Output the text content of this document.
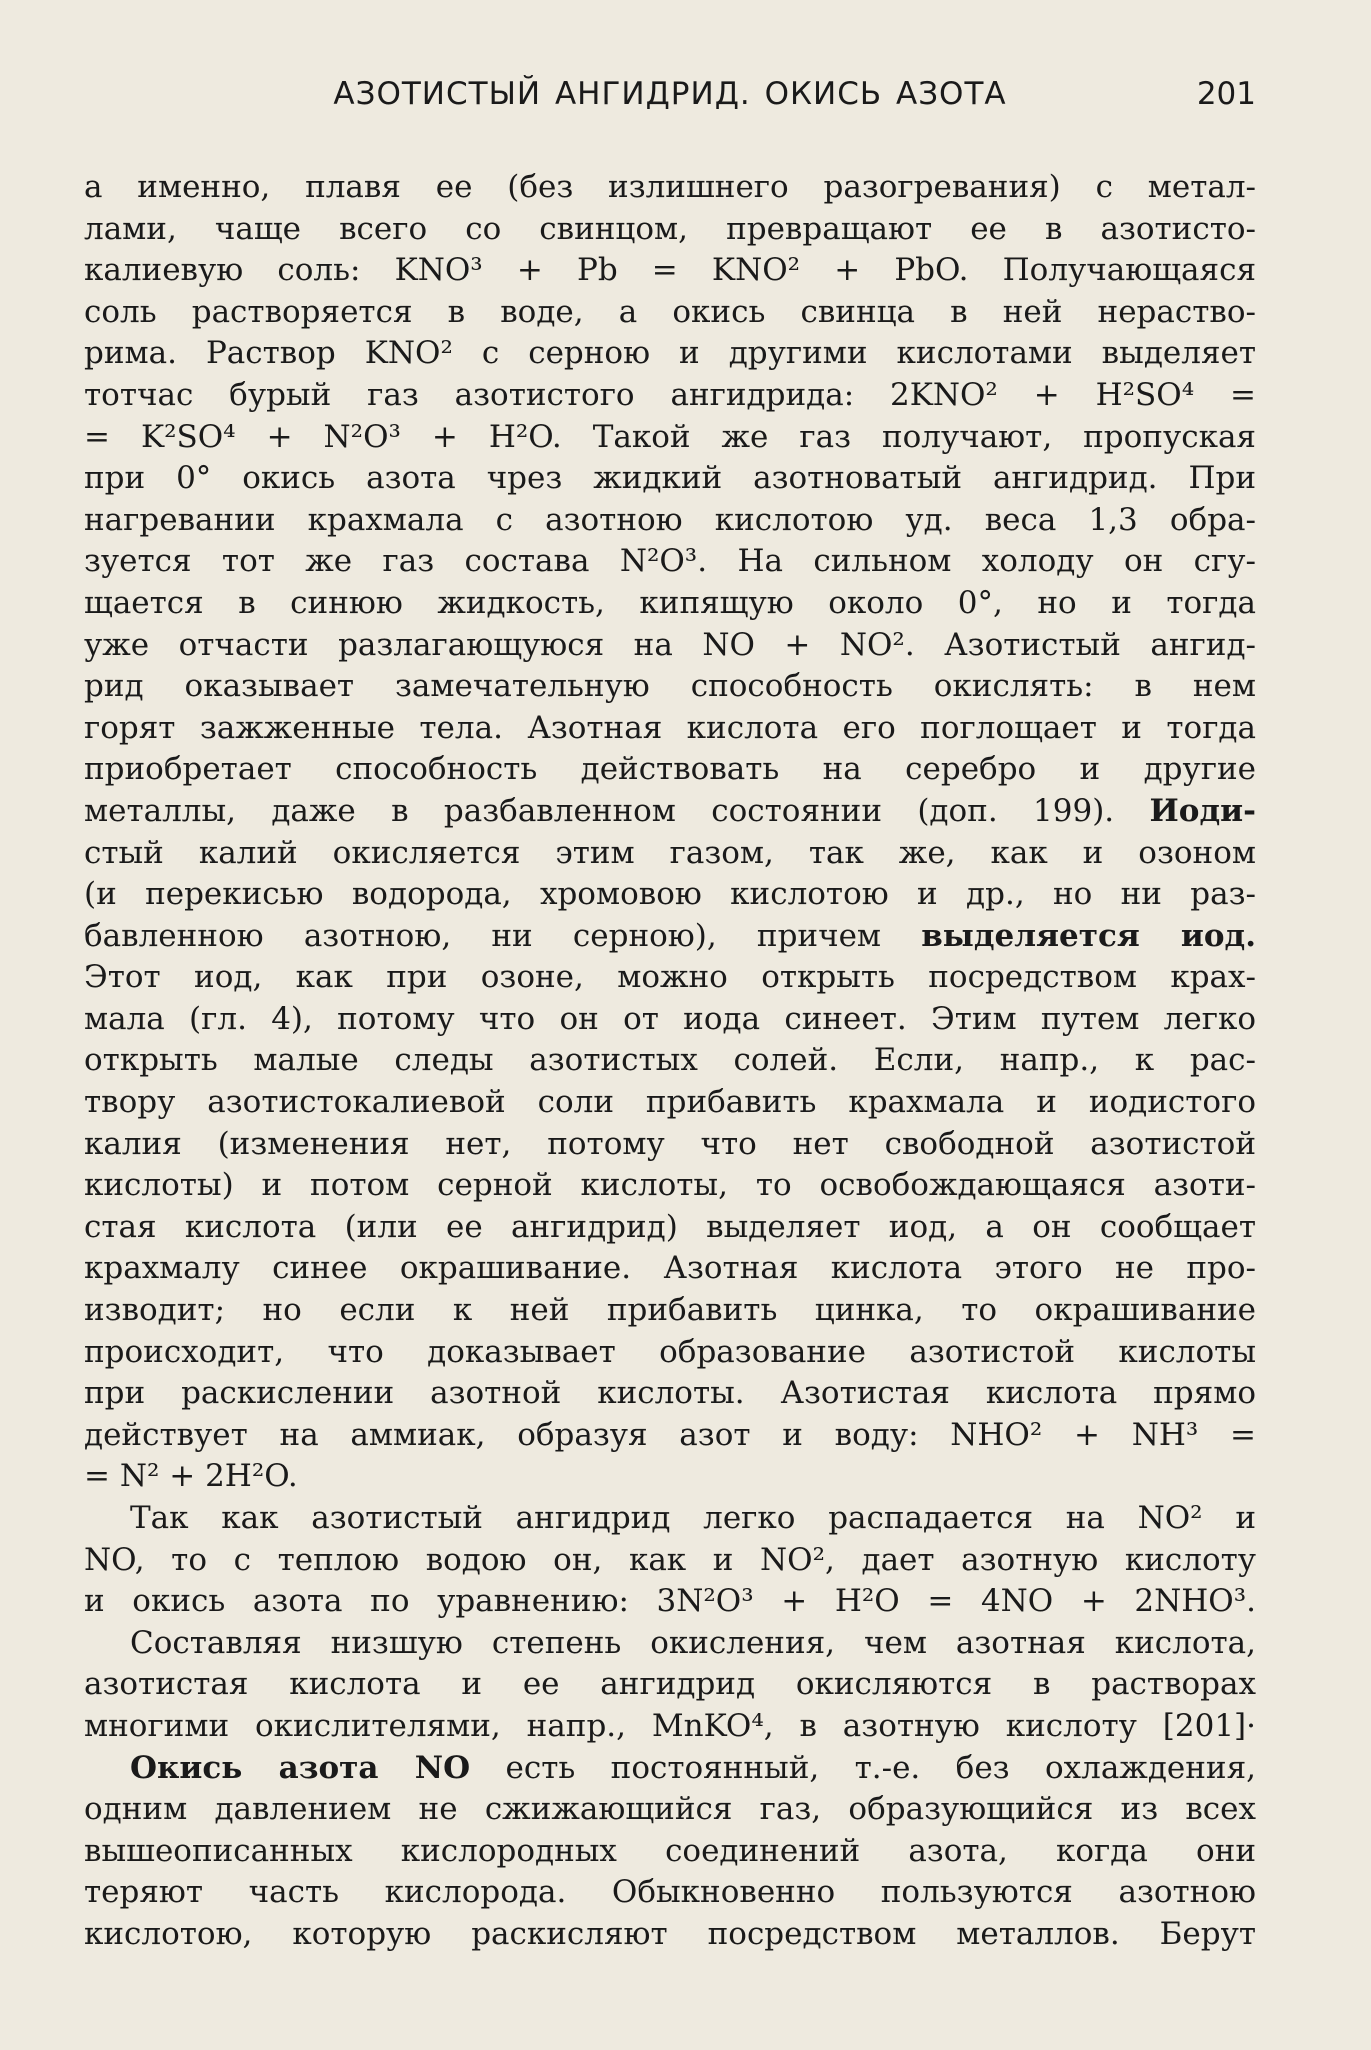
АЗОТИСТЫЙ АНГИДРИД. ОКИСЬ АЗОТА	201
а именно, плавя ее (без излишнего разогревания) с метал-
лами, чаще всего со свинцом, превращают ее в азотисто-
калиевую соль: KNO³ + Pb = KNO² + PbO. Получающаяся
соль растворяется в воде, а окись свинца в ней нераство-
рима. Раствор KNO² с серною и другими кислотами выделяет
тотчас бурый газ азотистого ангидрида: 2KNO² + H²SO⁴ =
= K²SO⁴ + N²O³ + H²O. Такой же газ получают, пропуская
при 0° окись азота чрез жидкий азотноватый ангидрид. При
нагревании крахмала с азотною кислотою уд. веса 1,3 обра-
зуется тот же газ состава N²O³. На сильном холоду он сгу-
щается в синюю жидкость, кипящую около 0°, но и тогда
уже отчасти разлагающуюся на NO + NO². Азотистый ангид-
рид оказывает замечательную способность окислять: в нем
горят зажженные тела. Азотная кислота его поглощает и тогда
приобретает способность действовать на серебро и другие
металлы, даже в разбавленном состоянии (доп. 199). Иоди-
стый калий окисляется этим газом, так же, как и озоном
(и перекисью водорода, хромовою кислотою и др., но ни раз-
бавленною азотною, ни серною), причем выделяется иод.
Этот иод, как при озоне, можно открыть посредством крах-
мала (гл. 4), потому что он от иода синеет. Этим путем легко
открыть малые следы азотистых солей. Если, напр., к рас-
твору азотистокалиевой соли прибавить крахмала и иодистого
калия (изменения нет, потому что нет свободной азотистой
кислоты) и потом серной кислоты, то освобождающаяся азоти-
стая кислота (или ее ангидрид) выделяет иод, а он сообщает
крахмалу синее окрашивание. Азотная кислота этого не про-
изводит; но если к ней прибавить цинка, то окрашивание
происходит, что доказывает образование азотистой кислоты
при раскислении азотной кислоты. Азотистая кислота прямо
действует на аммиак, образуя азот и воду: NHO² + NH³ =
= N² + 2H²O.
Так как азотистый ангидрид легко распадается на NO² и
NO, то с теплою водою он, как и NO², дает азотную кислоту
и окись азота по уравнению: 3N²O³ + H²O = 4NO + 2NHO³.
Составляя низшую степень окисления, чем азотная кислота,
азотистая кислота и ее ангидрид окисляются в растворах
многими окислителями, напр., MnKO⁴, в азотную кислоту [201]·
Окись азота NO есть постоянный, т.-е. без охлаждения,
одним давлением не сжижающийся газ, образующийся из всех
вышеописанных кислородных соединений азота, когда они
теряют часть кислорода. Обыкновенно пользуются азотною
кислотою, которую раскисляют посредством металлов. Берут
